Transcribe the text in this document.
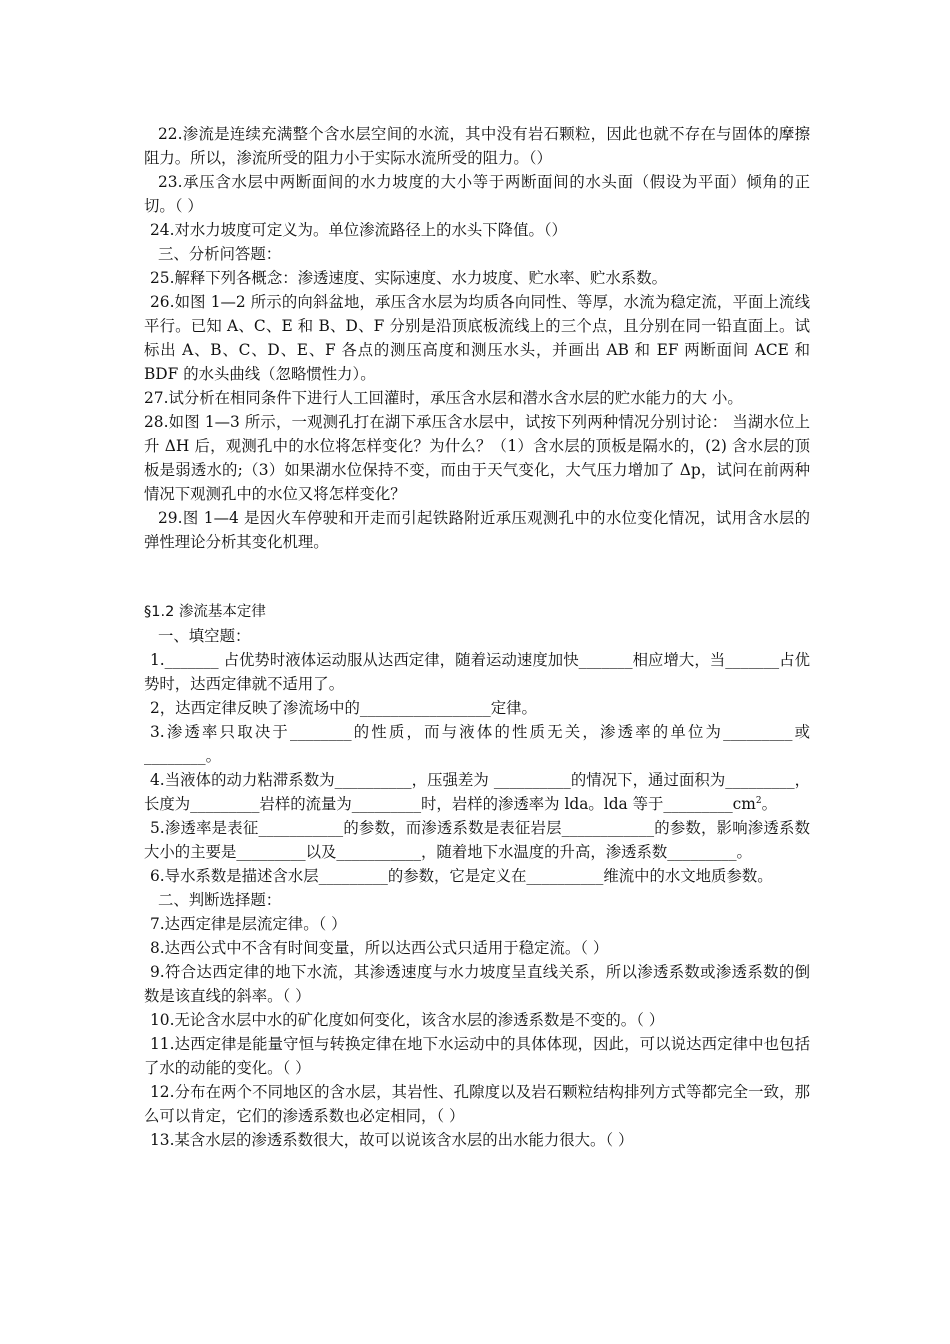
22.渗流是连续充满整个含水层空间的水流，其中没有岩石颗粒，因此也就不存在与固体的摩擦阻力。所以，渗流所受的阻力小于实际水流所受的阻力。（）

23.承压含水层中两断面间的水力坡度的大小等于两断面间的水头面（假设为平面）倾角的正切。（ ）

24.对水力坡度可定义为。单位渗流路径上的水头下降值。（）

三、分析问答题：

25.解释下列各概念：渗透速度、实际速度、水力坡度、贮水率、贮水系数。

26.如图 1—2 所示的向斜盆地，承压含水层为均质各向同性、等厚，水流为稳定流，平面上流线平行。已知 A、C、E 和 B、D、F 分别是沿顶底板流线上的三个点，且分别在同一铅直面上。试标出 A、B、C、D、E、F 各点的测压高度和测压水头，并画出 AB 和 EF 两断面间 ACE 和 BDF 的水头曲线（忽略惯性力）。

27.试分析在相同条件下进行人工回灌时，承压含水层和潜水含水层的贮水能力的大 小。

28.如图 1—3 所示，一观测孔打在湖下承压含水层中，试按下列两种情况分别讨论： 当湖水位上升 ΔH 后，观测孔中的水位将怎样变化？为什么？（1）含水层的顶板是隔水的，(2) 含水层的顶板是弱透水的;（3）如果湖水位保持不变，而由于天气变化，大气压力增加了 Δp，试问在前两种情况下观测孔中的水位又将怎样变化？

29.图 1—4 是因火车停驶和开走而引起铁路附近承压观测孔中的水位变化情况，试用含水层的弹性理论分析其变化机理。

§1.2 渗流基本定律

一、填空题：

1._______ 占优势时液体运动服从达西定律，随着运动速度加快_______相应增大，当_______占优势时，达西定律就不适用了。

2，达西定律反映了渗流场中的_________________定律。

3.渗透率只取决于________的性质，而与液体的性质无关，渗透率的单位为_________或________。

4.当液体的动力粘滞系数为__________，压强差为 __________的情况下，通过面积为_________，长度为_________岩样的流量为_________时，岩样的渗透率为 lda。lda 等于$\_\_\_\_\_\_\_\_\_cm^2$。

5.渗透率是表征___________的参数，而渗透系数是表征岩层____________的参数，影响渗透系数大小的主要是_________以及___________，随着地下水温度的升高，渗透系数_________。

6.导水系数是描述含水层_________的参数，它是定义在__________维流中的水文地质参数。

二、判断选择题：

7.达西定律是层流定律。（ ）

8.达西公式中不含有时间变量，所以达西公式只适用于稳定流。（ ）

9.符合达西定律的地下水流，其渗透速度与水力坡度呈直线关系，所以渗透系数或渗透系数的倒数是该直线的斜率。（ ）

10.无论含水层中水的矿化度如何变化，该含水层的渗透系数是不变的。（ ）

11.达西定律是能量守恒与转换定律在地下水运动中的具体体现，因此，可以说达西定律中也包括了水的动能的变化。（ ）

12.分布在两个不同地区的含水层，其岩性、孔隙度以及岩石颗粒结构排列方式等都完全一致，那么可以肯定，它们的渗透系数也必定相同，（ ）

13.某含水层的渗透系数很大，故可以说该含水层的出水能力很大。（ ）
